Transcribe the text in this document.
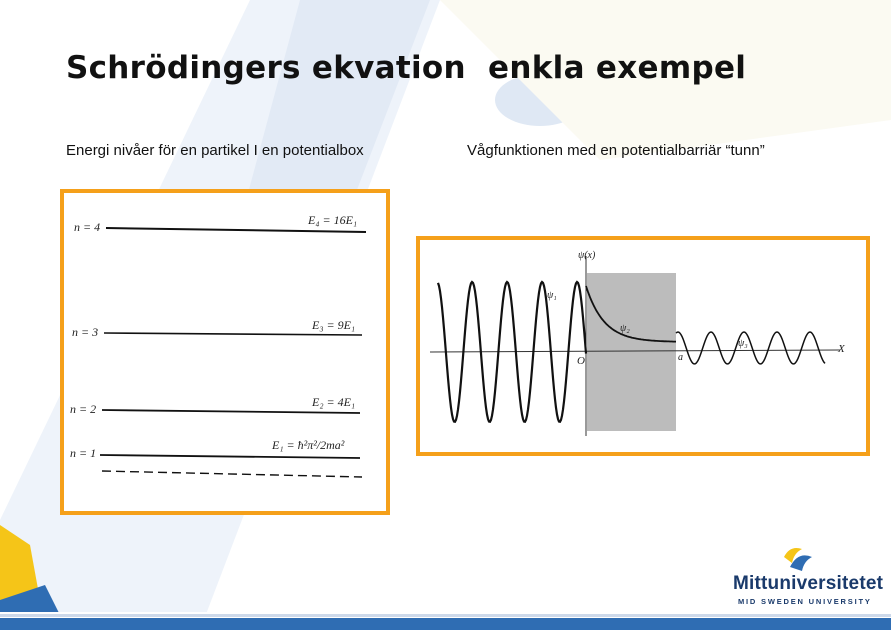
Schrödingers ekvation  enkla exempel
Energi nivåer för en partikel I en potentialbox	Vågfunktionen med en potentialbarriär “tunn”
n = 4	E₄ = 16E₁
n = 3	E₃ = 9E₁
n = 2	E₂ = 4E₁
n = 1
E₁ = ħ²π²/2ma²
ψ(x)
X
O	a
ψ₁
ψ₂
ψ₃
Mittuniversitetet
MID SWEDEN UNIVERSITY
